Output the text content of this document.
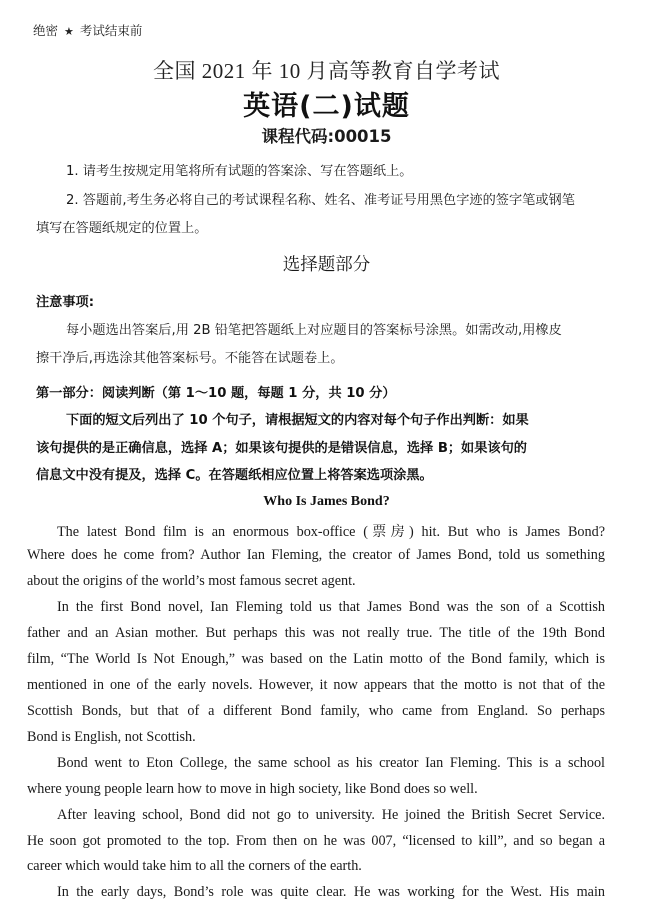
绝密 ★ 考试结束前
全国 2021 年 10 月高等教育自学考试
英语(二)试题
课程代码:00015
1. 请考生按规定用笔将所有试题的答案涂、写在答题纸上。
2. 答题前,考生务必将自己的考试课程名称、姓名、准考证号用黑色字迹的签字笔或钢笔
填写在答题纸规定的位置上。
选择题部分
注意事项:
每小题选出答案后,用 2B 铅笔把答题纸上对应题目的答案标号涂黑。如需改动,用橡皮
擦干净后,再选涂其他答案标号。不能答在试题卷上。
第一部分：阅读判断（第 1～10 题，每题 1 分，共 10 分）
下面的短文后列出了 10 个句子，请根据短文的内容对每个句子作出判断：如果
该句提供的是正确信息，选择 A；如果该句提供的是错误信息，选择 B；如果该句的
信息文中没有提及，选择 C。在答题纸相应位置上将答案选项涂黑。
Who Is James Bond?
The latest Bond film is an enormous box-office (票房) hit. But who is James Bond?
Where does he come from? Author Ian Fleming, the creator of James Bond, told us something
about the origins of the world’s most famous secret agent.
In the first Bond novel, Ian Fleming told us that James Bond was the son of a Scottish
father and an Asian mother. But perhaps this was not really true. The title of the 19th Bond
film, “The World Is Not Enough,” was based on the Latin motto of the Bond family, which is
mentioned in one of the early novels. However, it now appears that the motto is not that of the
Scottish Bonds, but that of a different Bond family, who came from England. So perhaps
Bond is English, not Scottish.
Bond went to Eton College, the same school as his creator Ian Fleming. This is a school
where young people learn how to move in high society, like Bond does so well.
After leaving school, Bond did not go to university. He joined the British Secret Service.
He soon got promoted to the top. From then on he was 007, “licensed to kill”, and so began a
career which would take him to all the corners of the earth.
In the early days, Bond’s role was quite clear. He was working for the West. His main
